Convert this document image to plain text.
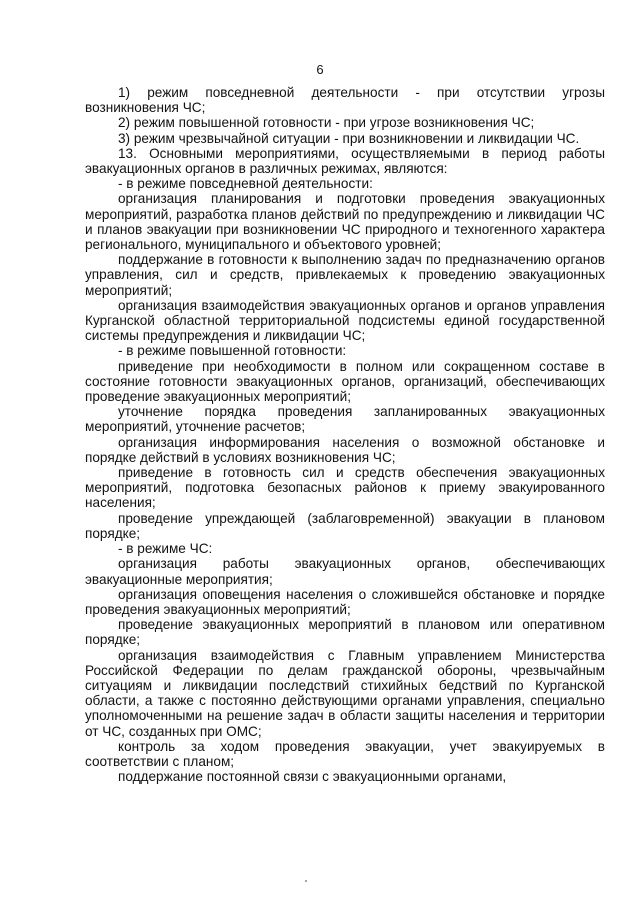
6

1) режим повседневной деятельности - при отсутствии угрозы возникновения ЧС;

2) режим повышенной готовности - при угрозе возникновения ЧС;

3) режим чрезвычайной ситуации - при возникновении и ликвидации ЧС.

13. Основными мероприятиями, осуществляемыми в период работы эвакуационных органов в различных режимах, являются:

- в режиме повседневной деятельности:

организация планирования и подготовки проведения эвакуационных мероприятий, разработка планов действий по предупреждению и ликвидации ЧС и планов эвакуации при возникновении ЧС природного и техногенного характера регионального, муниципального и объектового уровней;

поддержание в готовности к выполнению задач по предназначению органов управления, сил и средств, привлекаемых к проведению эвакуационных мероприятий;

организация взаимодействия эвакуационных органов и органов управления Курганской областной территориальной подсистемы единой государственной системы предупреждения и ликвидации ЧС;

- в режиме повышенной готовности:

приведение при необходимости в полном или сокращенном составе в состояние готовности эвакуационных органов, организаций, обеспечивающих проведение эвакуационных мероприятий;

уточнение порядка проведения запланированных эвакуационных мероприятий, уточнение расчетов;

организация информирования населения о возможной обстановке и порядке действий в условиях возникновения ЧС;

приведение в готовность сил и средств обеспечения эвакуационных мероприятий, подготовка безопасных районов к приему эвакуированного населения;

проведение упреждающей (заблаговременной) эвакуации в плановом порядке;

- в режиме ЧС:

организация работы эвакуационных органов, обеспечивающих эвакуационные мероприятия;

организация оповещения населения о сложившейся обстановке и порядке проведения эвакуационных мероприятий;

проведение эвакуационных мероприятий в плановом или оперативном порядке;

организация взаимодействия с Главным управлением Министерства Российской Федерации по делам гражданской обороны, чрезвычайным ситуациям и ликвидации последствий стихийных бедствий по Курганской области, а также с постоянно действующими органами управления, специально уполномоченными на решение задач в области защиты населения и территории от ЧС, созданных при ОМС;

контроль за ходом проведения эвакуации, учет эвакуируемых в соответствии с планом;

поддержание постоянной связи с эвакуационными органами,
